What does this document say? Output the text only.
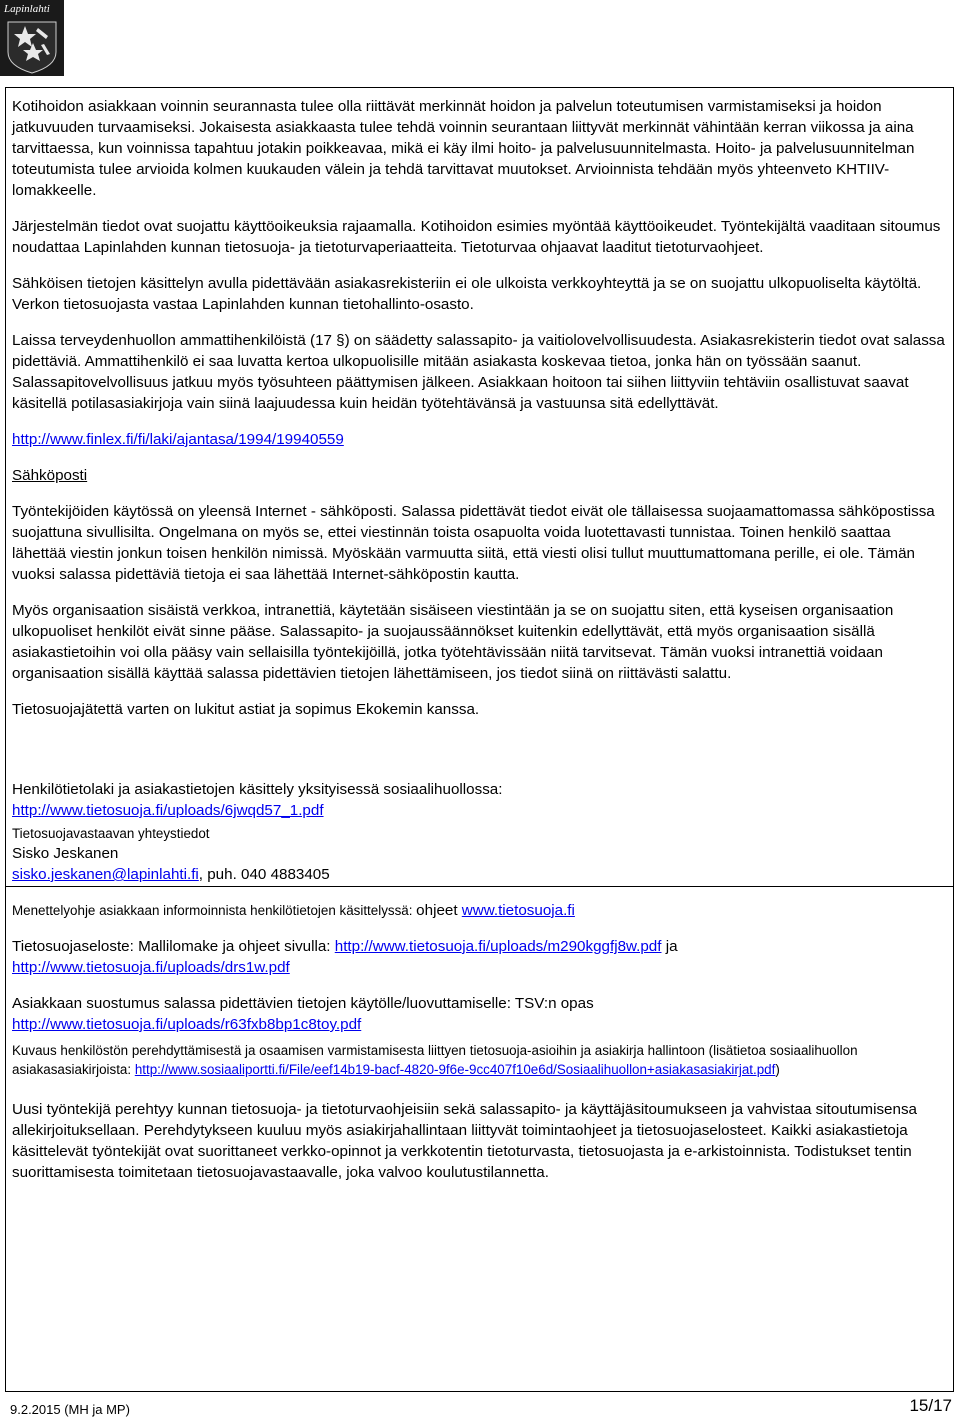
Lapinlahti

Kotihoidon asiakkaan voinnin seurannasta tulee olla riittävät merkinnät hoidon ja palvelun toteutumisen varmistamiseksi ja hoidon jatkuvuuden turvaamiseksi. Jokaisesta asiakkaasta tulee tehdä voinnin seurantaan liittyvät merkinnät vähintään kerran viikossa ja aina tarvittaessa, kun voinnissa tapahtuu jotakin poikkeavaa, mikä ei käy ilmi hoito- ja palvelusuunnitelmasta. Hoito- ja palvelusuunnitelman toteutumista tulee arvioida kolmen kuukauden välein ja tehdä tarvittavat muutokset. Arvioinnista tehdään myös yhteenveto KHTIIV-lomakkeelle.

Järjestelmän tiedot ovat suojattu käyttöoikeuksia rajaamalla. Kotihoidon esimies myöntää käyttöoikeudet. Työntekijältä vaaditaan sitoumus noudattaa Lapinlahden kunnan tietosuoja- ja tietoturvaperiaatteita. Tietoturvaa ohjaavat laaditut tietoturvaohjeet.

Sähköisen tietojen käsittelyn avulla pidettävään asiakasrekisteriin ei ole ulkoista verkkoyhteyttä ja se on suojattu ulkopuoliselta käytöltä. Verkon tietosuojasta vastaa Lapinlahden kunnan tietohallinto-osasto.

Laissa terveydenhuollon ammattihenkilöistä (17 §) on säädetty salassapito- ja vaitiolovelvollisuudesta. Asiakasrekisterin tiedot ovat salassa pidettäviä. Ammattihenkilö ei saa luvatta kertoa ulkopuolisille mitään asiakasta koskevaa tietoa, jonka hän on työssään saanut. Salassapitovelvollisuus jatkuu myös työsuhteen päättymisen jälkeen. Asiakkaan hoitoon tai siihen liittyviin tehtäviin osallistuvat saavat käsitellä potilasasiakirjoja vain siinä laajuudessa kuin heidän työtehtävänsä ja vastuunsa sitä edellyttävät.

http://www.finlex.fi/fi/laki/ajantasa/1994/19940559

Sähköposti

Työntekijöiden käytössä on yleensä Internet - sähköposti. Salassa pidettävät tiedot eivät ole tällaisessa suojaamattomassa sähköpostissa suojattuna sivullisilta. Ongelmana on myös se, ettei viestinnän toista osapuolta voida luotettavasti tunnistaa. Toinen henkilö saattaa lähettää viestin jonkun toisen henkilön nimissä. Myöskään varmuutta siitä, että viesti olisi tullut muuttumattomana perille, ei ole. Tämän vuoksi salassa pidettäviä tietoja ei saa lähettää Internet-sähköpostin kautta.

Myös organisaation sisäistä verkkoa, intranettiä, käytetään sisäiseen viestintään ja se on suojattu siten, että kyseisen organisaation ulkopuoliset henkilöt eivät sinne pääse. Salassapito- ja suojaussäännökset kuitenkin edellyttävät, että myös organisaation sisällä asiakastietoihin voi olla pääsy vain sellaisilla työntekijöillä, jotka työtehtävissään niitä tarvitsevat. Tämän vuoksi intranettiä voidaan organisaation sisällä käyttää salassa pidettävien tietojen lähettämiseen, jos tiedot siinä on riittävästi salattu.

Tietosuojajätettä varten on lukitut astiat ja sopimus Ekokemin kanssa.

Henkilötietolaki ja asiakastietojen käsittely yksityisessä sosiaalihuollossa:
http://www.tietosuoja.fi/uploads/6jwqd57_1.pdf

Tietosuojavastaavan yhteystiedot
Sisko Jeskanen

sisko.jeskanen@lapinlahti.fi, puh. 040 4883405

Menettelyohje asiakkaan informoinnista henkilötietojen käsittelyssä: ohjeet www.tietosuoja.fi

Tietosuojaseloste: Mallilomake ja ohjeet sivulla: http://www.tietosuoja.fi/uploads/m290kggfj8w.pdf ja
http://www.tietosuoja.fi/uploads/drs1w.pdf

Asiakkaan suostumus salassa pidettävien tietojen käytölle/luovuttamiselle: TSV:n opas
http://www.tietosuoja.fi/uploads/r63fxb8bp1c8toy.pdf

Kuvaus henkilöstön perehdyttämisestä ja osaamisen varmistamisesta liittyen tietosuoja-asioihin ja asiakirja hallintoon (lisätietoa sosiaalihuollon asiakasasiakirjoista: http://www.sosiaaliportti.fi/File/eef14b19-bacf-4820-9f6e-9cc407f10e6d/Sosiaalihuollon+asiakasasiakirjat.pdf)

Uusi työntekijä perehtyy kunnan tietosuoja- ja tietoturvaohjeisiin sekä salassapito- ja käyttäjäsitoumukseen ja vahvistaa sitoutumisensa allekirjoituksellaan. Perehdytykseen kuuluu myös asiakirjahallintaan liittyvät toimintaohjeet ja tietosuojaselosteet. Kaikki asiakastietoja käsittelevät työntekijät ovat suorittaneet verkko-opinnot ja verkkotentin tietoturvasta, tietosuojasta ja e-arkistoinnista. Todistukset tentin suorittamisesta toimitetaan tietosuojavastaavalle, joka valvoo koulutustilannetta.

9.2.2015 (MH ja MP)	15/17
